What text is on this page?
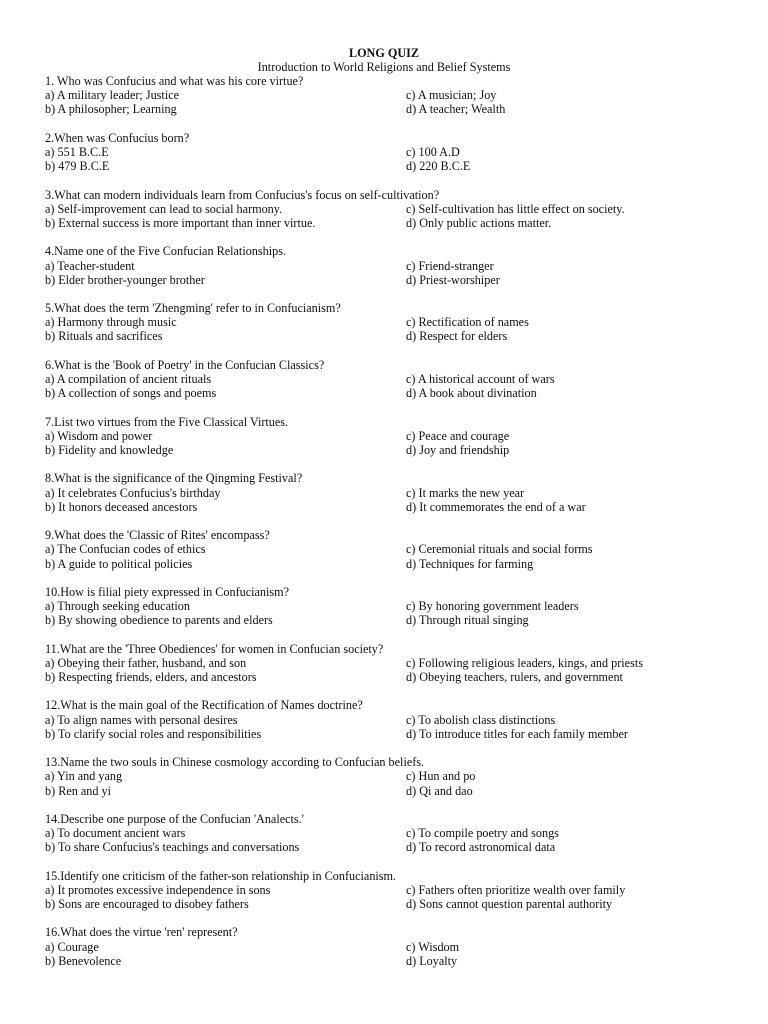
LONG QUIZ
Introduction to World Religions and Belief Systems
1. Who was Confucius and what was his core virtue?
a) A military leader; Justice	c) A musician; Joy
b) A philosopher; Learning	d) A teacher; Wealth
2.When was Confucius born?
a) 551 B.C.E	c) 100 A.D
b) 479 B.C.E	d) 220 B.C.E
3.What can modern individuals learn from Confucius's focus on self-cultivation?
a) Self-improvement can lead to social harmony.	c) Self-cultivation has little effect on society.
b) External success is more important than inner virtue.	d) Only public actions matter.
4.Name one of the Five Confucian Relationships.
a) Teacher-student	c) Friend-stranger
b) Elder brother-younger brother	d) Priest-worshiper
5.What does the term 'Zhengming' refer to in Confucianism?
a) Harmony through music	c) Rectification of names
b) Rituals and sacrifices	d) Respect for elders
6.What is the 'Book of Poetry' in the Confucian Classics?
a) A compilation of ancient rituals	c) A historical account of wars
b) A collection of songs and poems	d) A book about divination
7.List two virtues from the Five Classical Virtues.
a) Wisdom and power	c) Peace and courage
b) Fidelity and knowledge	d) Joy and friendship
8.What is the significance of the Qingming Festival?
a) It celebrates Confucius's birthday	c) It marks the new year
b) It honors deceased ancestors	d) It commemorates the end of a war
9.What does the 'Classic of Rites' encompass?
a) The Confucian codes of ethics	c) Ceremonial rituals and social forms
b) A guide to political policies	d) Techniques for farming
10.How is filial piety expressed in Confucianism?
a) Through seeking education	c) By honoring government leaders
b) By showing obedience to parents and elders	d) Through ritual singing
11.What are the 'Three Obediences' for women in Confucian society?
a) Obeying their father, husband, and son	c) Following religious leaders, kings, and priests
b) Respecting friends, elders, and ancestors	d) Obeying teachers, rulers, and government
12.What is the main goal of the Rectification of Names doctrine?
a) To align names with personal desires	c) To abolish class distinctions
b) To clarify social roles and responsibilities	d) To introduce titles for each family member
13.Name the two souls in Chinese cosmology according to Confucian beliefs.
a) Yin and yang	c) Hun and po
b) Ren and yi	d) Qi and dao
14.Describe one purpose of the Confucian 'Analects.'
a) To document ancient wars	c) To compile poetry and songs
b) To share Confucius's teachings and conversations	d) To record astronomical data
15.Identify one criticism of the father-son relationship in Confucianism.
a) It promotes excessive independence in sons	c) Fathers often prioritize wealth over family
b) Sons are encouraged to disobey fathers	d) Sons cannot question parental authority
16.What does the virtue 'ren' represent?
a) Courage	c) Wisdom
b) Benevolence	d) Loyalty
